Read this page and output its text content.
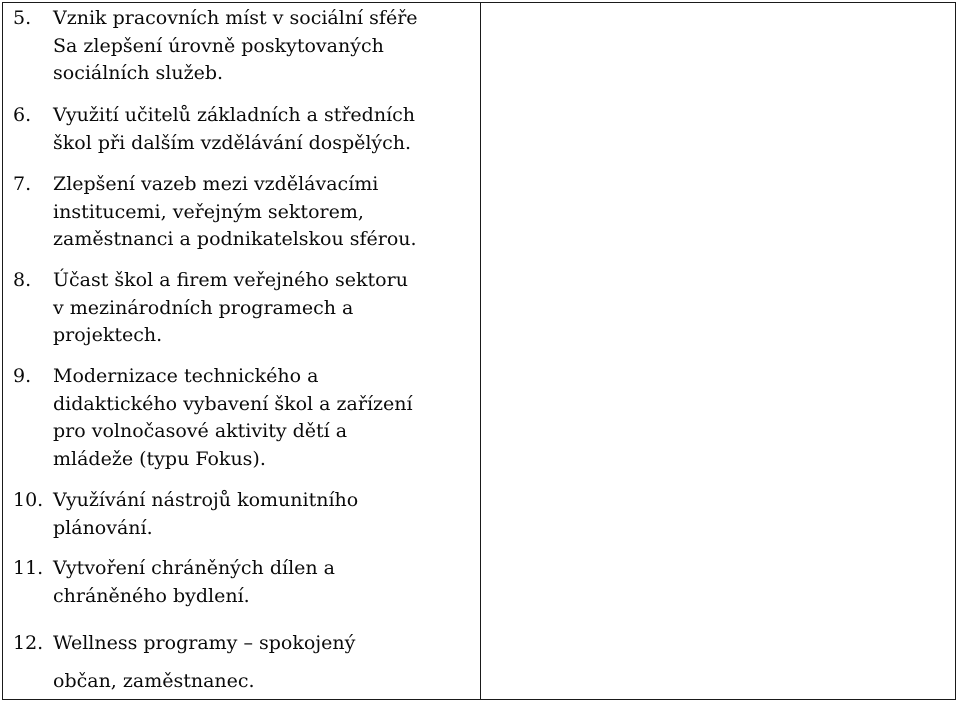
5. Vznik pracovních míst v sociální sféře
Sa zlepšení úrovně poskytovaných
sociálních služeb.
6. Využití učitelů základních a středních
škol při dalším vzdělávání dospělých.
7. Zlepšení vazeb mezi vzdělávacími
institucemi, veřejným sektorem,
zaměstnanci a podnikatelskou sférou.
8. Účast škol a firem veřejného sektoru
v mezinárodních programech a
projektech.
9. Modernizace technického a
didaktického vybavení škol a zařízení
pro volnočasové aktivity dětí a
mládeže (typu Fokus).
10. Využívání nástrojů komunitního
plánování.
11. Vytvoření chráněných dílen a
chráněného bydlení.
12. Wellness programy – spokojený
občan, zaměstnanec.
